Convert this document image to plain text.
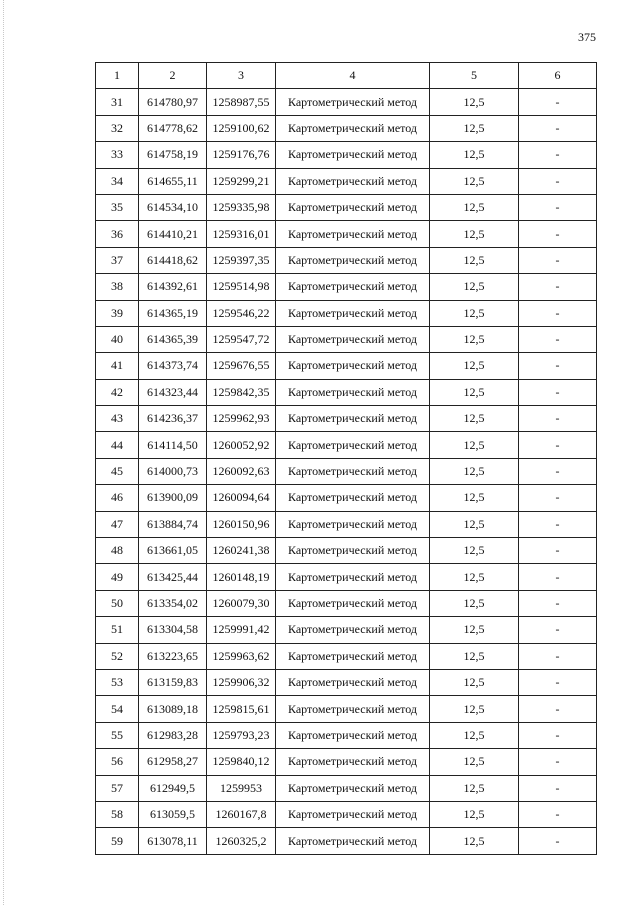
375
1	2	3	4	5	6
31	614780,97	1258987,55	Картометрический метод	12,5	-
32	614778,62	1259100,62	Картометрический метод	12,5	-
33	614758,19	1259176,76	Картометрический метод	12,5	-
34	614655,11	1259299,21	Картометрический метод	12,5	-
35	614534,10	1259335,98	Картометрический метод	12,5	-
36	614410,21	1259316,01	Картометрический метод	12,5	-
37	614418,62	1259397,35	Картометрический метод	12,5	-
38	614392,61	1259514,98	Картометрический метод	12,5	-
39	614365,19	1259546,22	Картометрический метод	12,5	-
40	614365,39	1259547,72	Картометрический метод	12,5	-
41	614373,74	1259676,55	Картометрический метод	12,5	-
42	614323,44	1259842,35	Картометрический метод	12,5	-
43	614236,37	1259962,93	Картометрический метод	12,5	-
44	614114,50	1260052,92	Картометрический метод	12,5	-
45	614000,73	1260092,63	Картометрический метод	12,5	-
46	613900,09	1260094,64	Картометрический метод	12,5	-
47	613884,74	1260150,96	Картометрический метод	12,5	-
48	613661,05	1260241,38	Картометрический метод	12,5	-
49	613425,44	1260148,19	Картометрический метод	12,5	-
50	613354,02	1260079,30	Картометрический метод	12,5	-
51	613304,58	1259991,42	Картометрический метод	12,5	-
52	613223,65	1259963,62	Картометрический метод	12,5	-
53	613159,83	1259906,32	Картометрический метод	12,5	-
54	613089,18	1259815,61	Картометрический метод	12,5	-
55	612983,28	1259793,23	Картометрический метод	12,5	-
56	612958,27	1259840,12	Картометрический метод	12,5	-
57	612949,5	1259953	Картометрический метод	12,5	-
58	613059,5	1260167,8	Картометрический метод	12,5	-
59	613078,11	1260325,2	Картометрический метод	12,5	-
